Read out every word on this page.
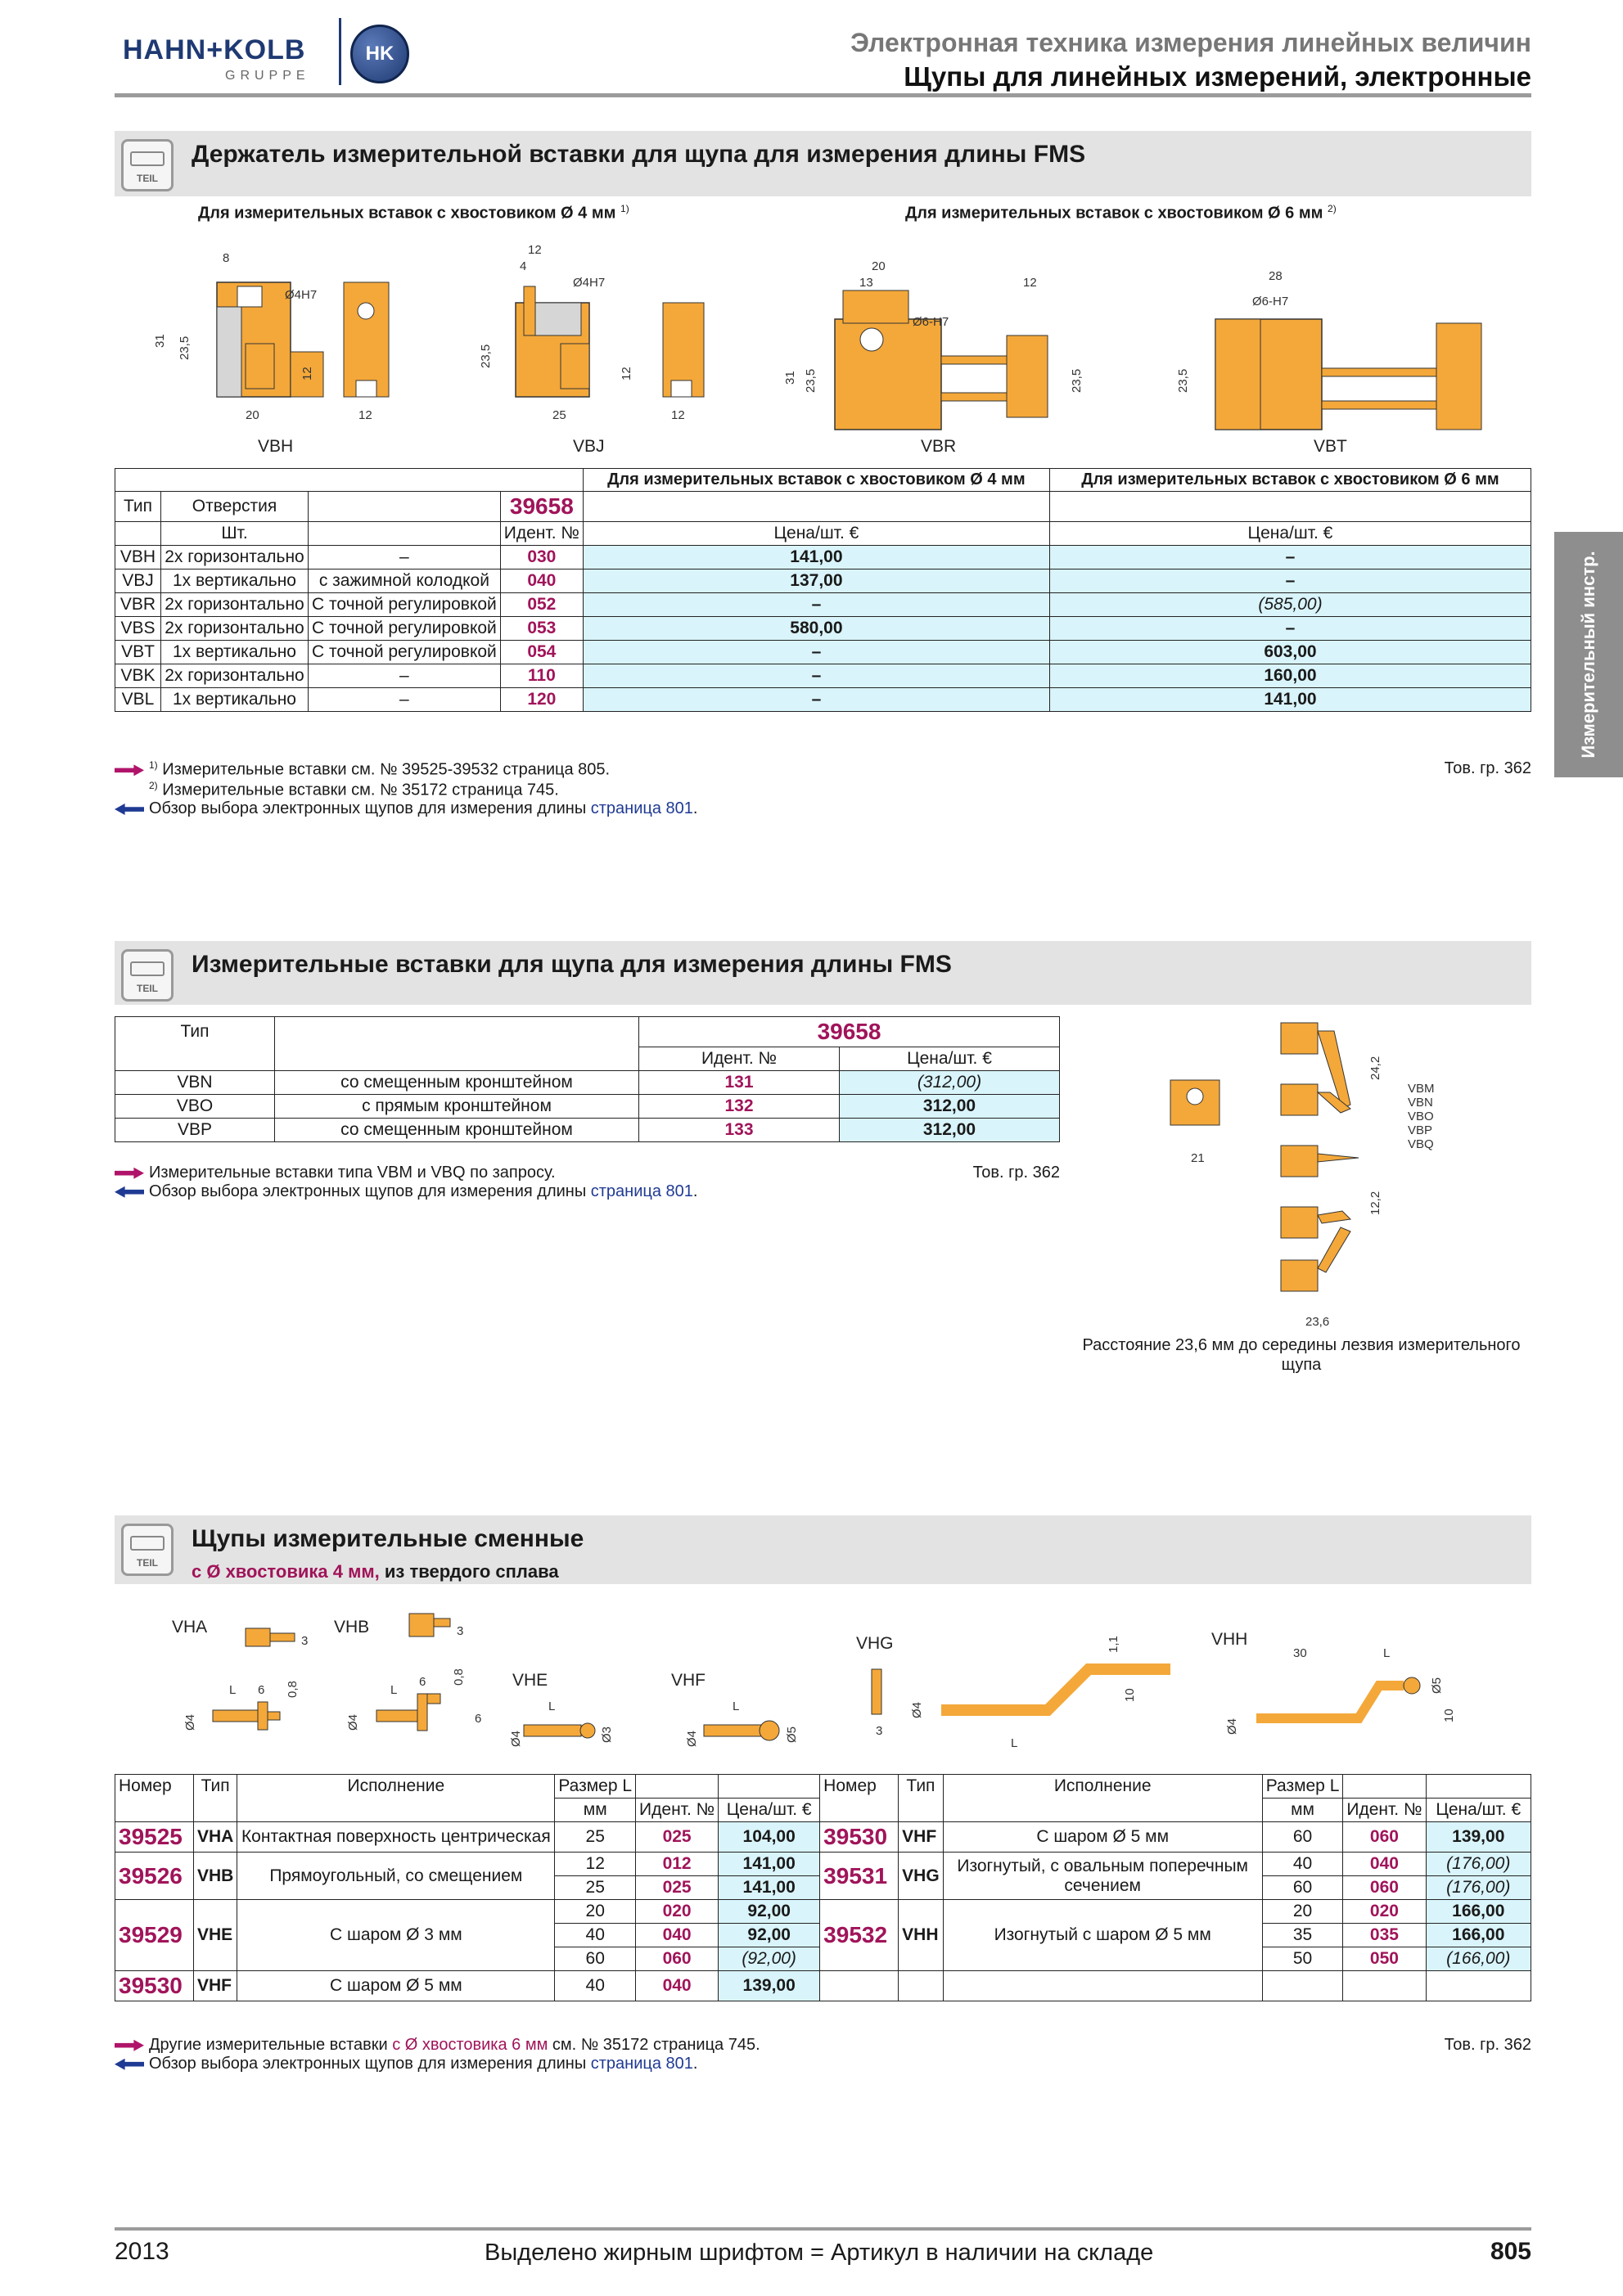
HAHN+KOLB
GRUPPE
HK	Электронная техника измерения линейных величин
Щупы для линейных измерений, электронные
Измерительный инстр.
TEIL
Держатель измерительной вставки для щупа для измерения длины FMS
Для измерительных вставок с хвостовиком Ø 4 мм $^{1)}$	Для измерительных вставок с хвостовиком Ø 6 мм $^{2)}$
8
Ø4H7
31 23,5
20
12
12
VBH
12
4
Ø4H7
23,5
25
12
12
VBJ
20
13
Ø6-H7
31 23,5
12
23,5
VBR
28
Ø6-H7
23,5
VBT
				Для измерительных вставок с хвостовиком Ø 4 мм	Для измерительных вставок с хвостовиком Ø 6 мм
Тип	Отверстия		39658		
	Шт.		Идент. №	Цена/шт. €	Цена/шт. €
VBH	2x горизонтально	–	030	141,00	–
VBJ	1x вертикально	с зажимной колодкой	040	137,00	–
VBR	2x горизонтально	С точной регулировкой	052	–	(585,00)
VBS	2x горизонтально	С точной регулировкой	053	580,00	–
VBT	1x вертикально	С точной регулировкой	054	–	603,00
VBK	2x горизонтально	–	110	–	160,00
VBL	1x вертикально	–	120	–	141,00
$^{1)}$ Измерительные вставки см. № 39525-39532 страница 805.	Тов. гр. 362
$^{2)}$ Измерительные вставки см. № 35172 страница 745.
Обзор выбора электронных щупов для измерения длины страница 801.
TEIL
Измерительные вставки для щупа для измерения длины FMS
Тип		39658	
		Идент. №	Цена/шт. €
VBN	со смещенным кронштейном	131	(312,00)
VBO	с прямым кронштейном	132	312,00
VBP	со смещенным кронштейном	133	312,00
Измерительные вставки типа VBM и VBQ по запросу.	Тов. гр. 362
Обзор выбора электронных щупов для измерения длины страница 801.
21
24,2
12,2
23,6
VBM
VBN
VBO
VBP
VBQ
Расстояние 23,6 мм до середины лезвия измерительного щупа
TEIL
Щупы измерительные сменные
с Ø хвостовика 4 мм, из твердого сплава
VHA
3
L 6 0,8
Ø4
VHB	3
L
6 0,8
6
Ø4
VHE
L
Ø4	Ø3
VHF
L
Ø4	Ø5
VHG	1,1
10
3
Ø4
L
VHH
30	L
Ø5
10
Ø4
Номер	Тип	Исполнение	Размер L			Номер	Тип	Исполнение	Размер L		
			мм	Идент. №	Цена/шт. €				мм	Идент. №	Цена/шт. €
39525	VHA	Контактная поверхность центрическая	25	025	104,00	39530	VHF	С шаром Ø 5 мм	60	060	139,00
39526	VHB	Прямоугольный, со смещением	12	012	141,00	39531	VHG	Изогнутый, с овальным поперечным сечением	40	040	(176,00)
			25	025	141,00				60	060	(176,00)
39529	VHE	С шаром Ø 3 мм	20	020	92,00	39532	VHH	Изогнутый с шаром Ø 5 мм	20	020	166,00
			40	040	92,00				35	035	166,00
			60	060	(92,00)				50	050	(166,00)
39530	VHF	С шаром Ø 5 мм	40	040	139,00						
Другие измерительные вставки с Ø хвостовика 6 мм см. № 35172 страница 745.	Тов. гр. 362
Обзор выбора электронных щупов для измерения длины страница 801.
2013	Выделено жирным шрифтом = Артикул в наличии на складе	805
